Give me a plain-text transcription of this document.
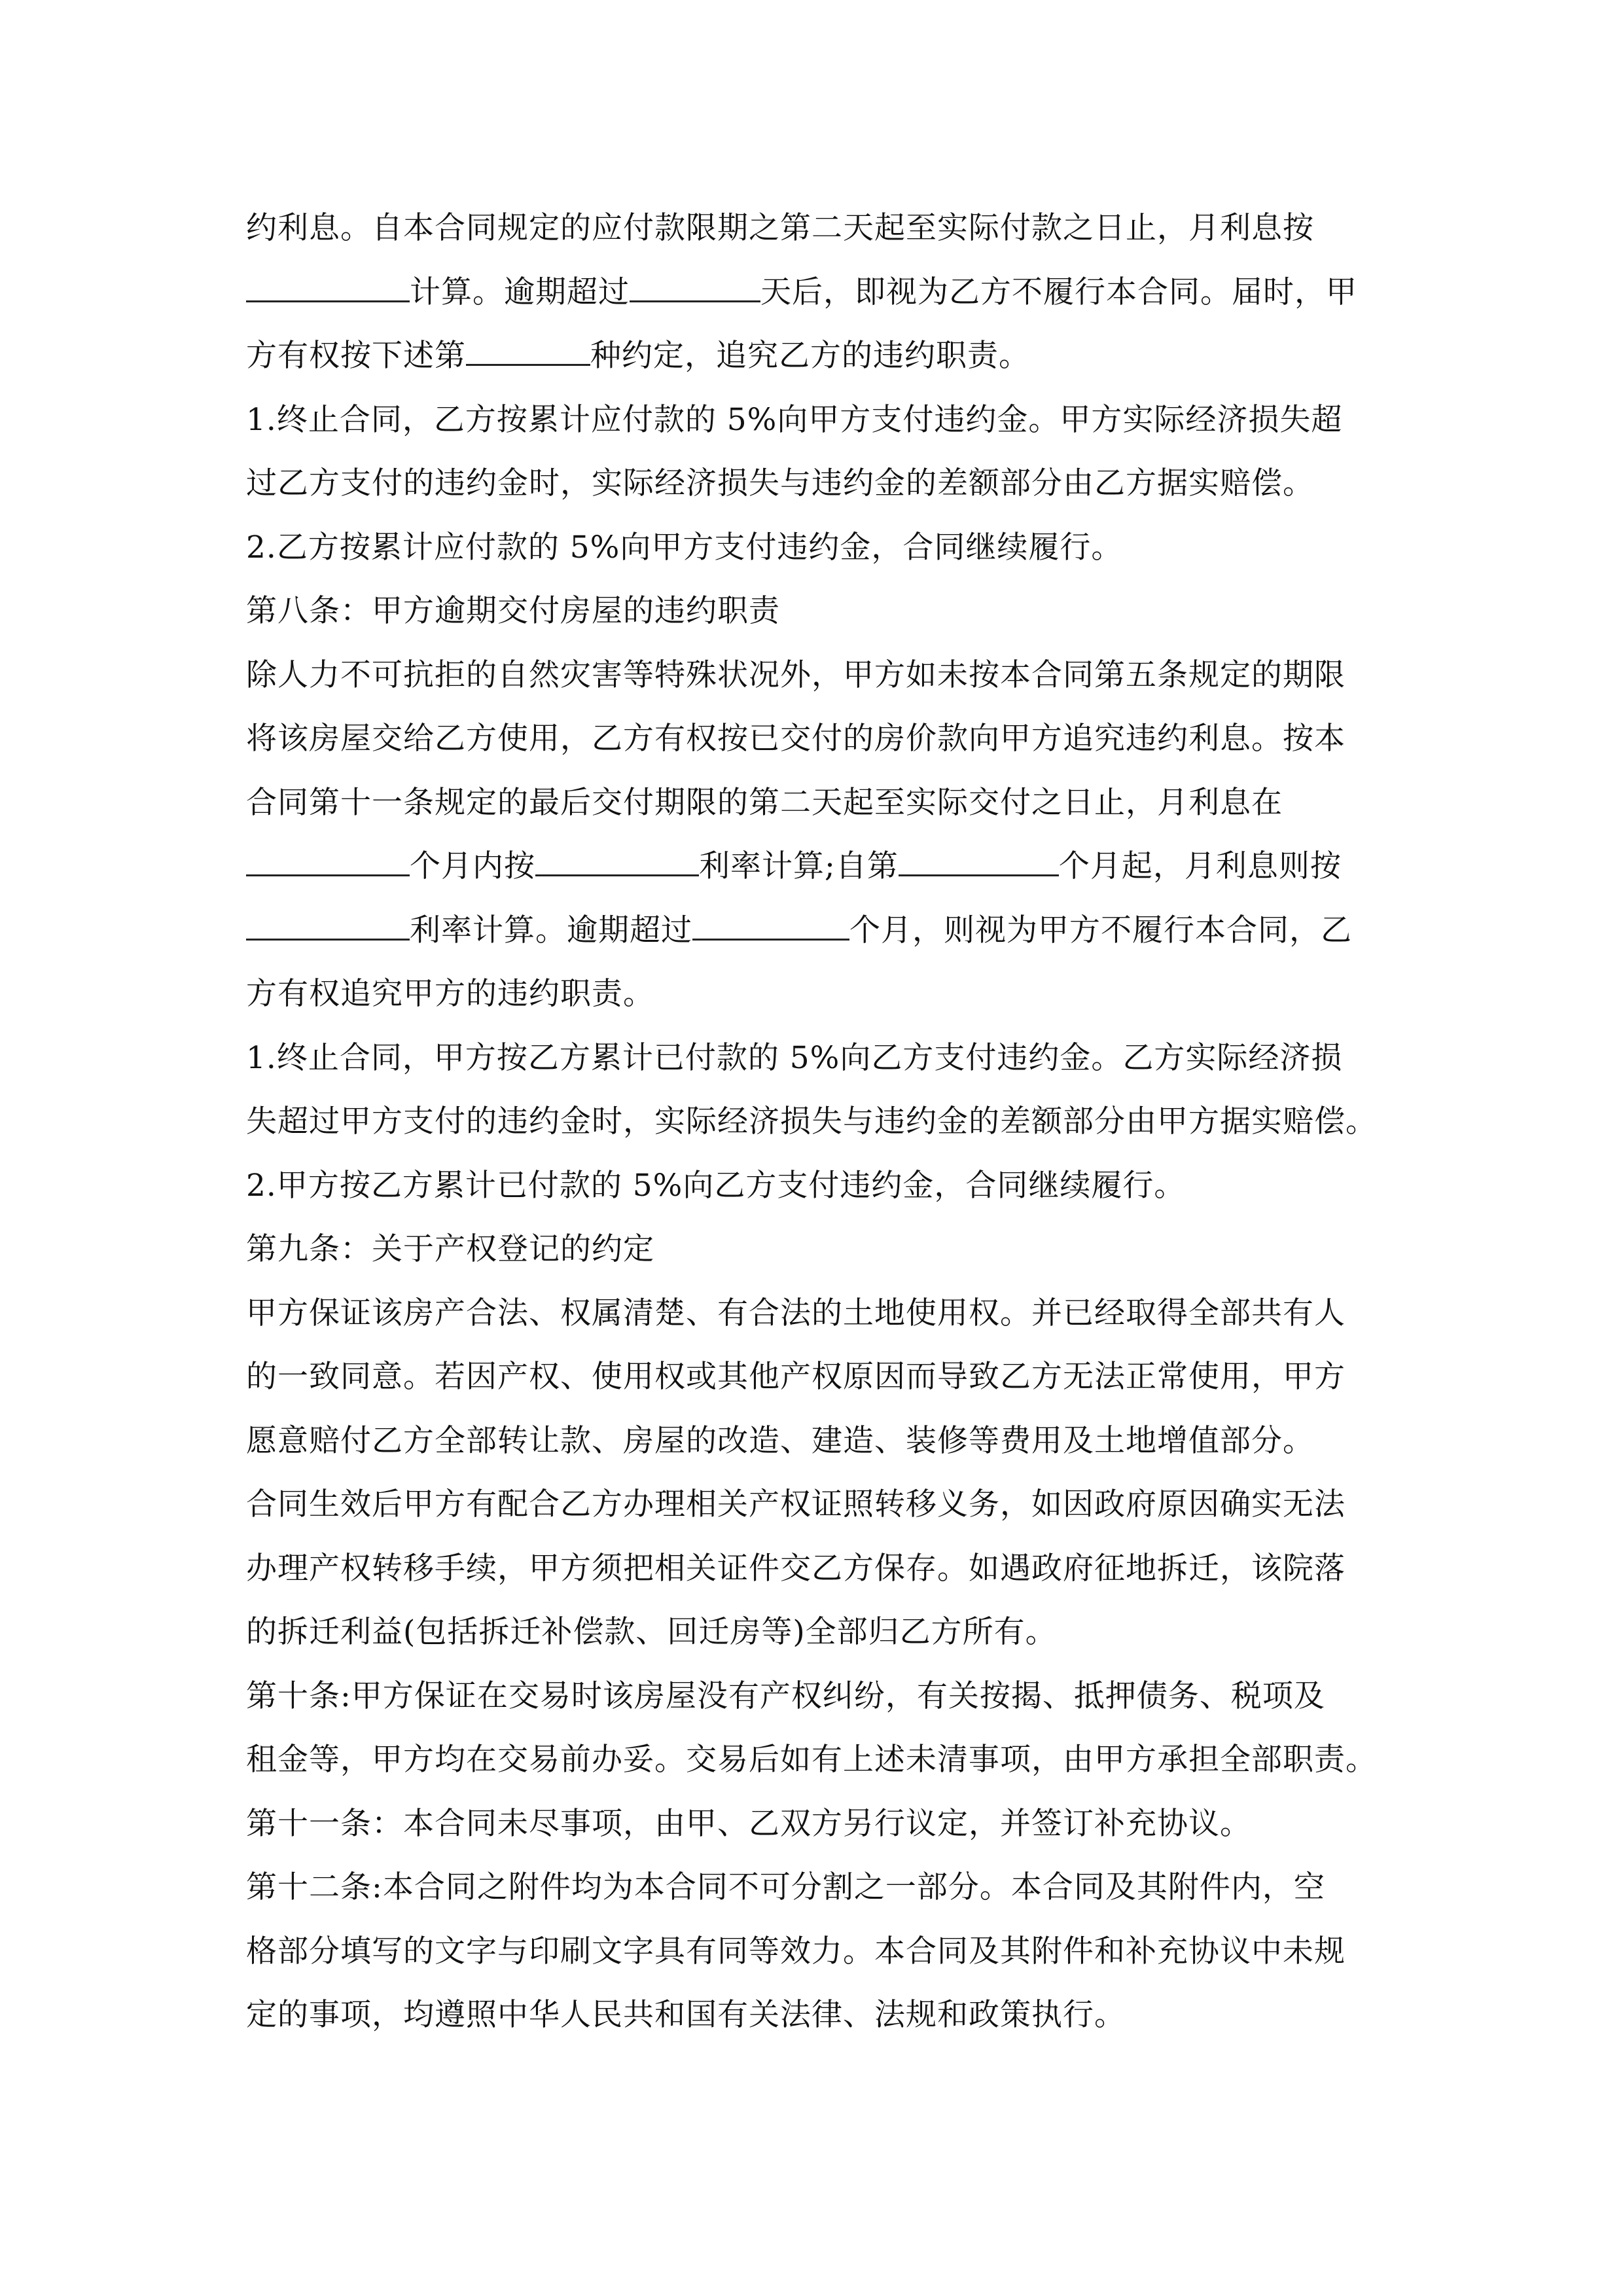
约利息。自本合同规定的应付款限期之第二天起至实际付款之日止，月利息按
计算。逾期超过	天后，即视为乙方不履行本合同。届时，甲
方有权按下述第	种约定，追究乙方的违约职责。
1.终止合同，乙方按累计应付款的 5%向甲方支付违约金。甲方实际经济损失超
过乙方支付的违约金时，实际经济损失与违约金的差额部分由乙方据实赔偿。
2.乙方按累计应付款的 5%向甲方支付违约金，合同继续履行。
第八条：甲方逾期交付房屋的违约职责
除人力不可抗拒的自然灾害等特殊状况外，甲方如未按本合同第五条规定的期限
将该房屋交给乙方使用，乙方有权按已交付的房价款向甲方追究违约利息。按本
合同第十一条规定的最后交付期限的第二天起至实际交付之日止，月利息在
个月内按	利率计算;自第	个月起，月利息则按
利率计算。逾期超过	个月，则视为甲方不履行本合同，乙
方有权追究甲方的违约职责。
1.终止合同，甲方按乙方累计已付款的 5%向乙方支付违约金。乙方实际经济损
失超过甲方支付的违约金时，实际经济损失与违约金的差额部分由甲方据实赔偿。
2.甲方按乙方累计已付款的 5%向乙方支付违约金，合同继续履行。
第九条：关于产权登记的约定
甲方保证该房产合法、权属清楚、有合法的土地使用权。并已经取得全部共有人
的一致同意。若因产权、使用权或其他产权原因而导致乙方无法正常使用，甲方
愿意赔付乙方全部转让款、房屋的改造、建造、装修等费用及土地增值部分。
合同生效后甲方有配合乙方办理相关产权证照转移义务，如因政府原因确实无法
办理产权转移手续，甲方须把相关证件交乙方保存。如遇政府征地拆迁，该院落
的拆迁利益(包括拆迁补偿款、回迁房等)全部归乙方所有。
第十条:甲方保证在交易时该房屋没有产权纠纷，有关按揭、抵押债务、税项及
租金等，甲方均在交易前办妥。交易后如有上述未清事项，由甲方承担全部职责。
第十一条：本合同未尽事项，由甲、乙双方另行议定，并签订补充协议。
第十二条:本合同之附件均为本合同不可分割之一部分。本合同及其附件内，空
格部分填写的文字与印刷文字具有同等效力。本合同及其附件和补充协议中未规
定的事项，均遵照中华人民共和国有关法律、法规和政策执行。
